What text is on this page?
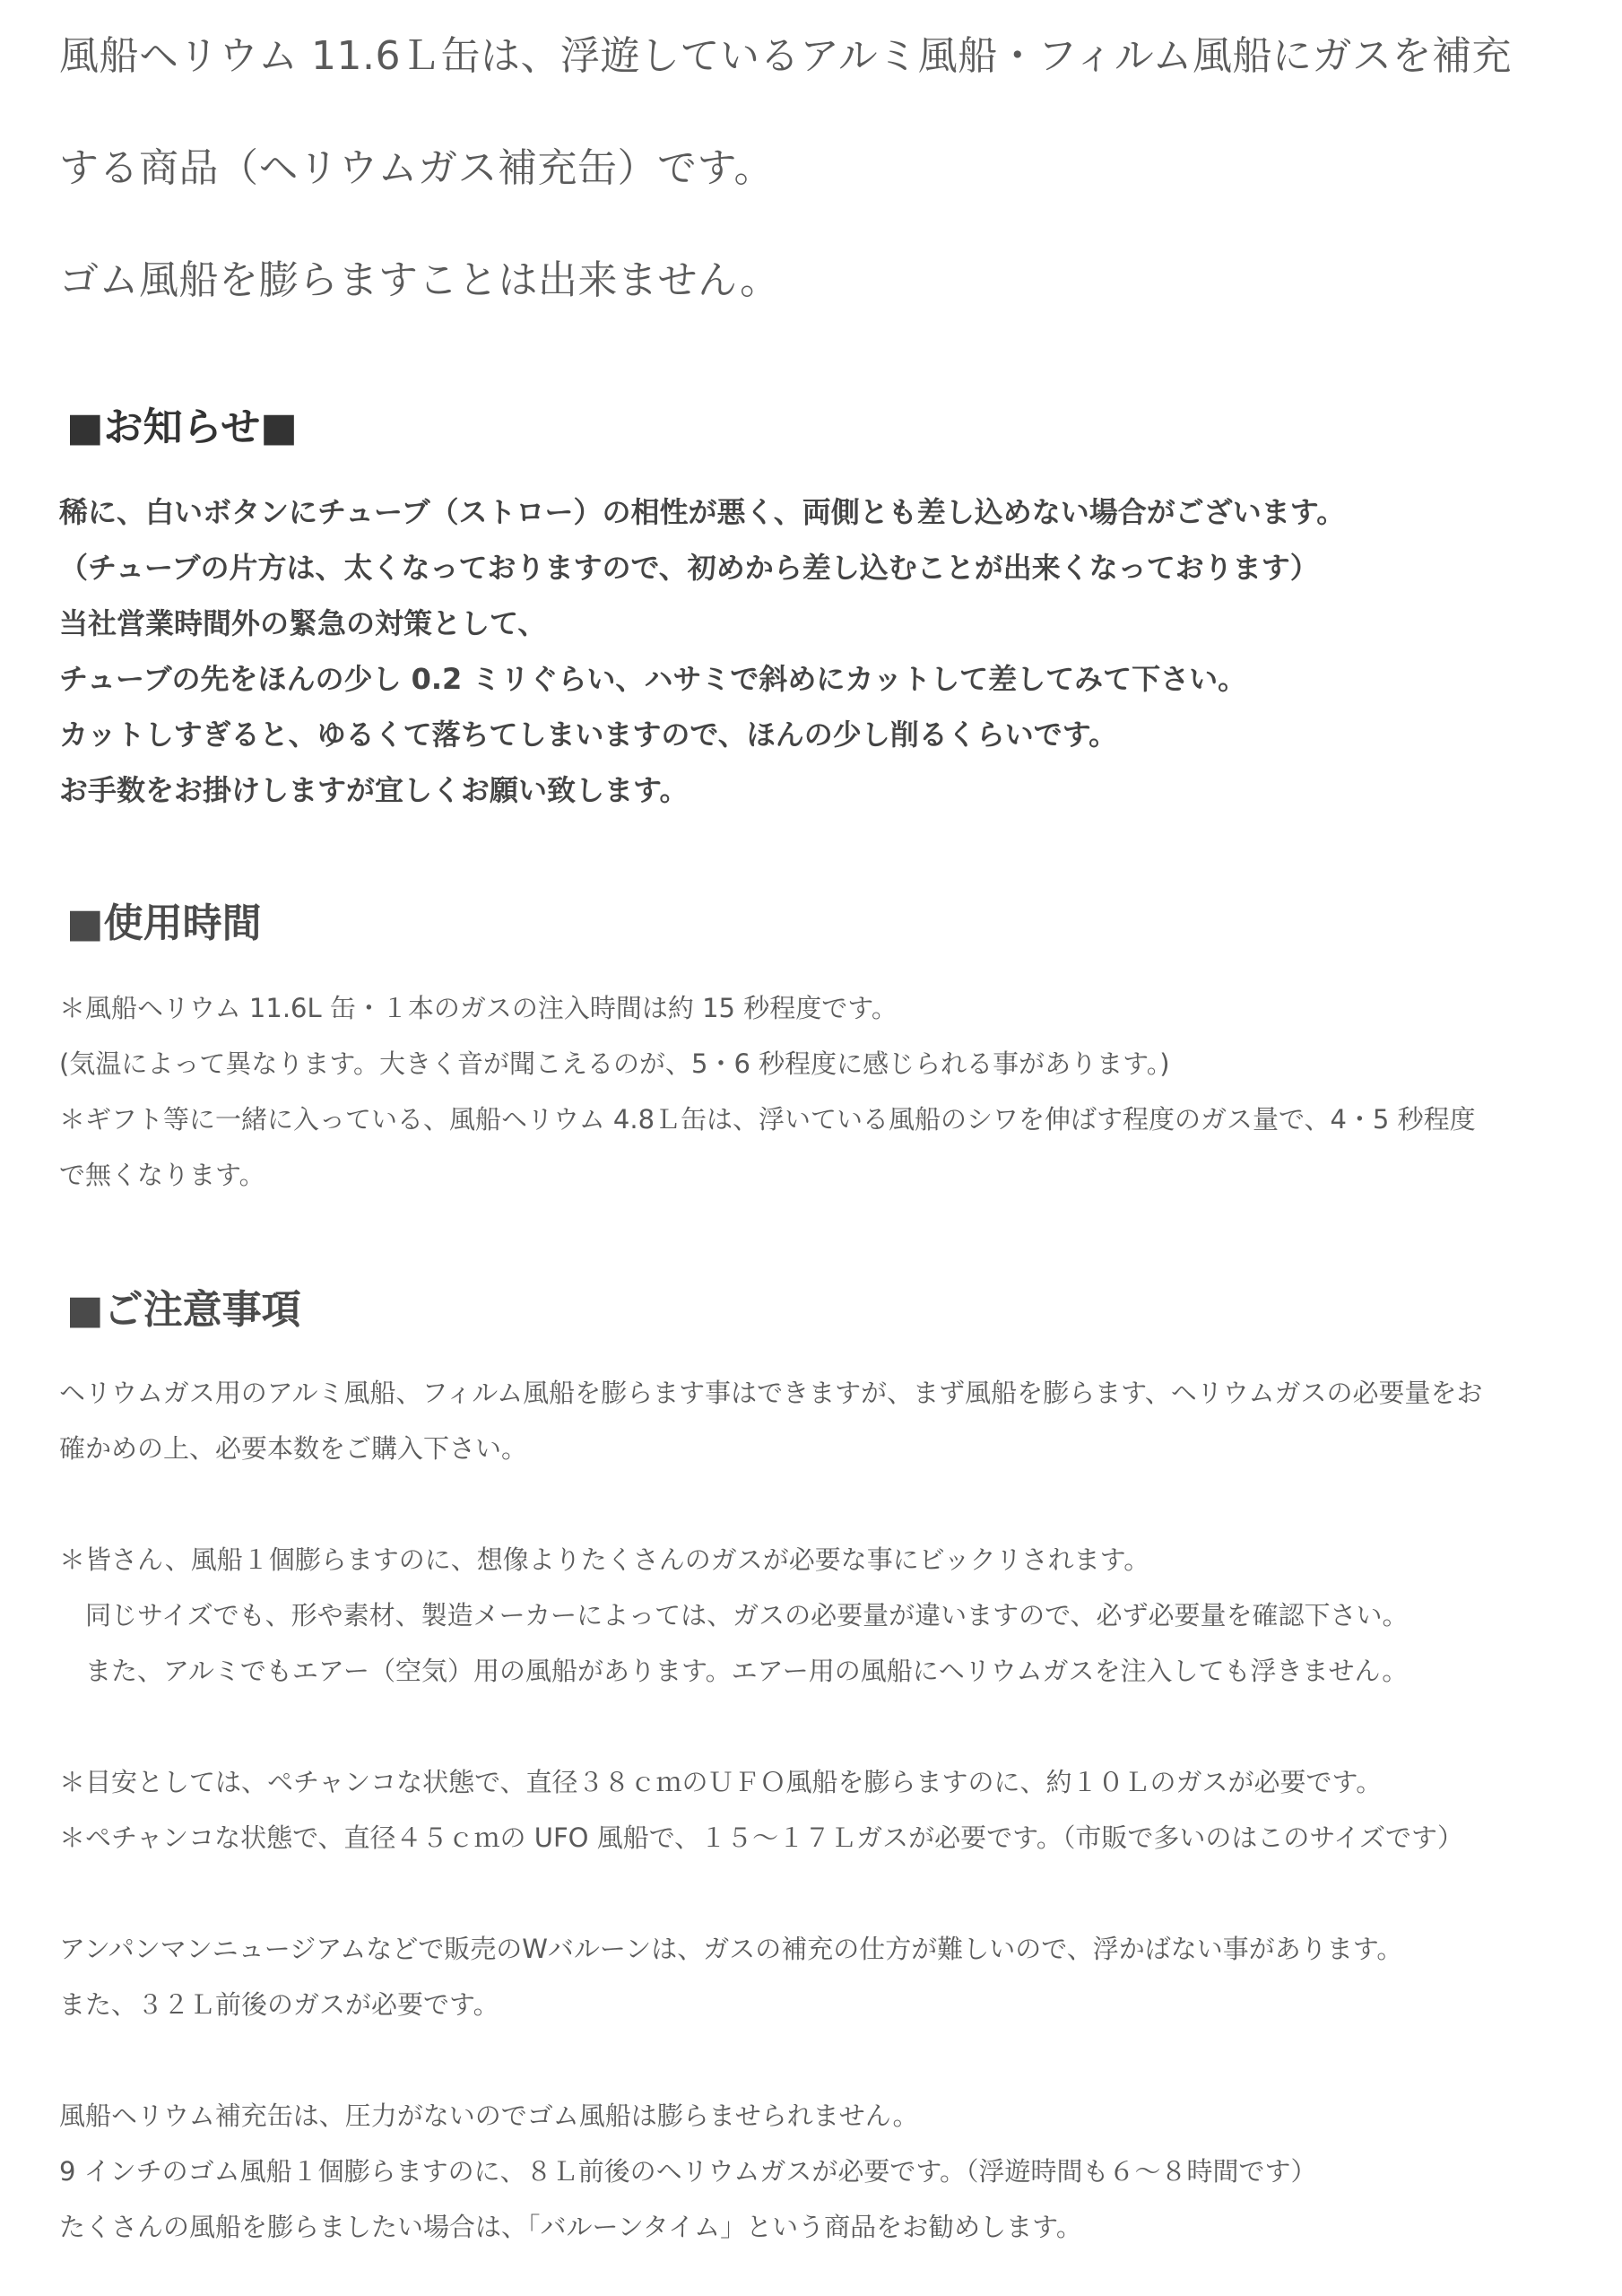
風船ヘリウム 11.6Ｌ缶は、浮遊しているアルミ風船・フィルム風船にガスを補充

する商品（ヘリウムガス補充缶）です。

ゴム風船を膨らますことは出来ません。

■お知らせ■
稀に、白いボタンにチューブ（ストロー）の相性が悪く、両側とも差し込めない場合がございます。
（チューブの片方は、太くなっておりますので、初めから差し込むことが出来くなっております）
当社営業時間外の緊急の対策として、
チューブの先をほんの少し 0.2 ミリぐらい、ハサミで斜めにカットして差してみて下さい。
カットしすぎると、ゆるくて落ちてしまいますので、ほんの少し削るくらいです。
お手数をお掛けしますが宜しくお願い致します。
■使用時間
＊風船ヘリウム 11.6L 缶・１本のガスの注入時間は約 15 秒程度です。
(気温によって異なります。大きく音が聞こえるのが、5・6 秒程度に感じられる事があります。)
＊ギフト等に一緒に入っている、風船ヘリウム 4.8Ｌ缶は、浮いている風船のシワを伸ばす程度のガス量で、4・5 秒程度
で無くなります。
■ご注意事項
ヘリウムガス用のアルミ風船、フィルム風船を膨らます事はできますが、まず風船を膨らます、ヘリウムガスの必要量をお
確かめの上、必要本数をご購入下さい。
＊皆さん、風船１個膨らますのに、想像よりたくさんのガスが必要な事にビックリされます。
　同じサイズでも、形や素材、製造メーカーによっては、ガスの必要量が違いますので、必ず必要量を確認下さい。
　また、アルミでもエアー（空気）用の風船があります。エアー用の風船にヘリウムガスを注入しても浮きません。
＊目安としては、ペチャンコな状態で、直径３８ｃｍのＵＦＯ風船を膨らますのに、約１０Ｌのガスが必要です。
＊ペチャンコな状態で、直径４５ｃｍの UFO 風船で、１５～１７Ｌガスが必要です。（市販で多いのはこのサイズです）
アンパンマンニュージアムなどで販売のWバルーンは、ガスの補充の仕方が難しいので、浮かばない事があります。
また、３２Ｌ前後のガスが必要です。
風船ヘリウム補充缶は、圧力がないのでゴム風船は膨らませられません。
9 インチのゴム風船１個膨らますのに、８Ｌ前後のヘリウムガスが必要です。（浮遊時間も６～８時間です）
たくさんの風船を膨らましたい場合は、「バルーンタイム」という商品をお勧めします。
